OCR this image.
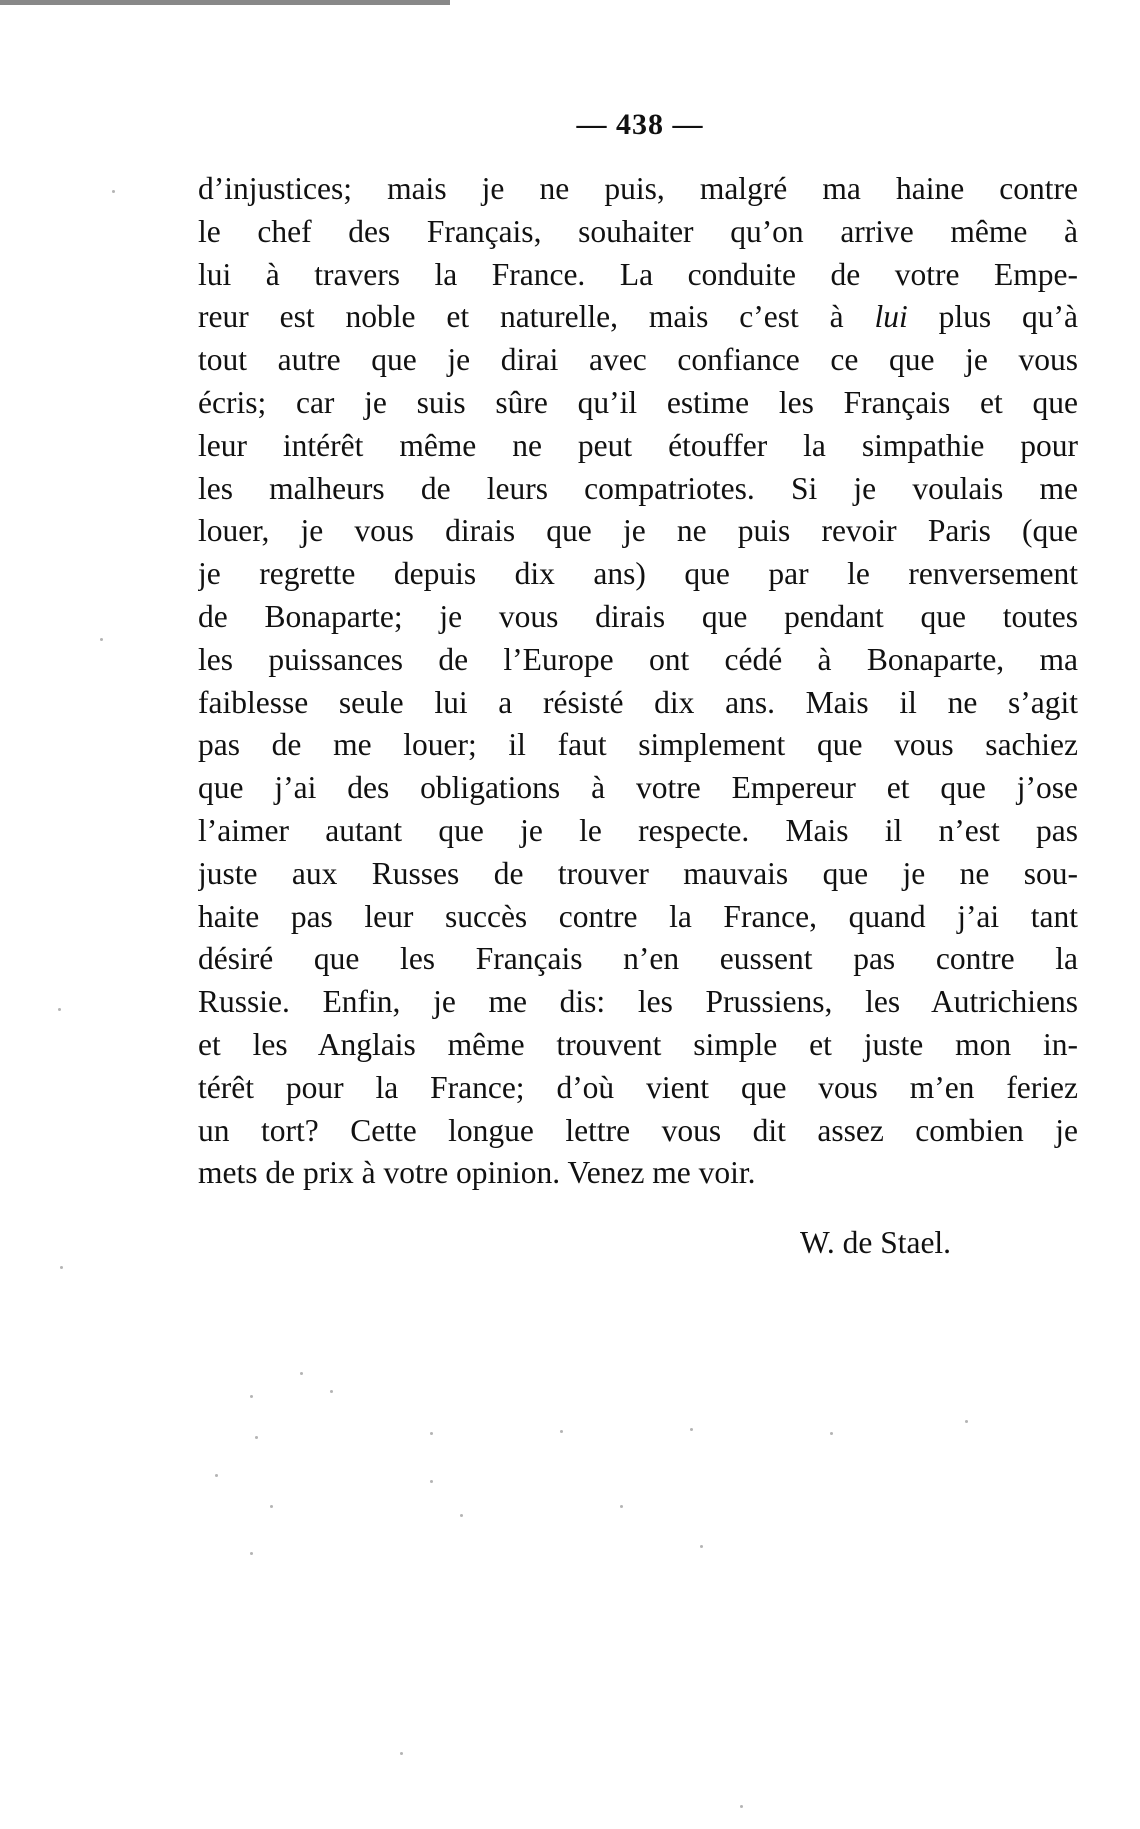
— 438 —
d’injustices; mais je ne puis, malgré ma haine contre
le chef des Français, souhaiter qu’on arrive même à
lui à travers la France. La conduite de votre Empe-
reur est noble et naturelle, mais c’est à lui plus qu’à
tout autre que je dirai avec confiance ce que je vous
écris; car je suis sûre qu’il estime les Français et que
leur intérêt même ne peut étouffer la simpathie pour
les malheurs de leurs compatriotes. Si je voulais me
louer, je vous dirais que je ne puis revoir Paris (que
je regrette depuis dix ans) que par le renversement
de Bonaparte; je vous dirais que pendant que toutes
les puissances de l’Europe ont cédé à Bonaparte, ma
faiblesse seule lui a résisté dix ans. Mais il ne s’agit
pas de me louer; il faut simplement que vous sachiez
que j’ai des obligations à votre Empereur et que j’ose
l’aimer autant que je le respecte. Mais il n’est pas
juste aux Russes de trouver mauvais que je ne sou-
haite pas leur succès contre la France, quand j’ai tant
désiré que les Français n’en eussent pas contre la
Russie. Enfin, je me dis: les Prussiens, les Autrichiens
et les Anglais même trouvent simple et juste mon in-
térêt pour la France; d’où vient que vous m’en feriez
un tort? Cette longue lettre vous dit assez combien je
mets de prix à votre opinion. Venez me voir.
W. de Stael.
